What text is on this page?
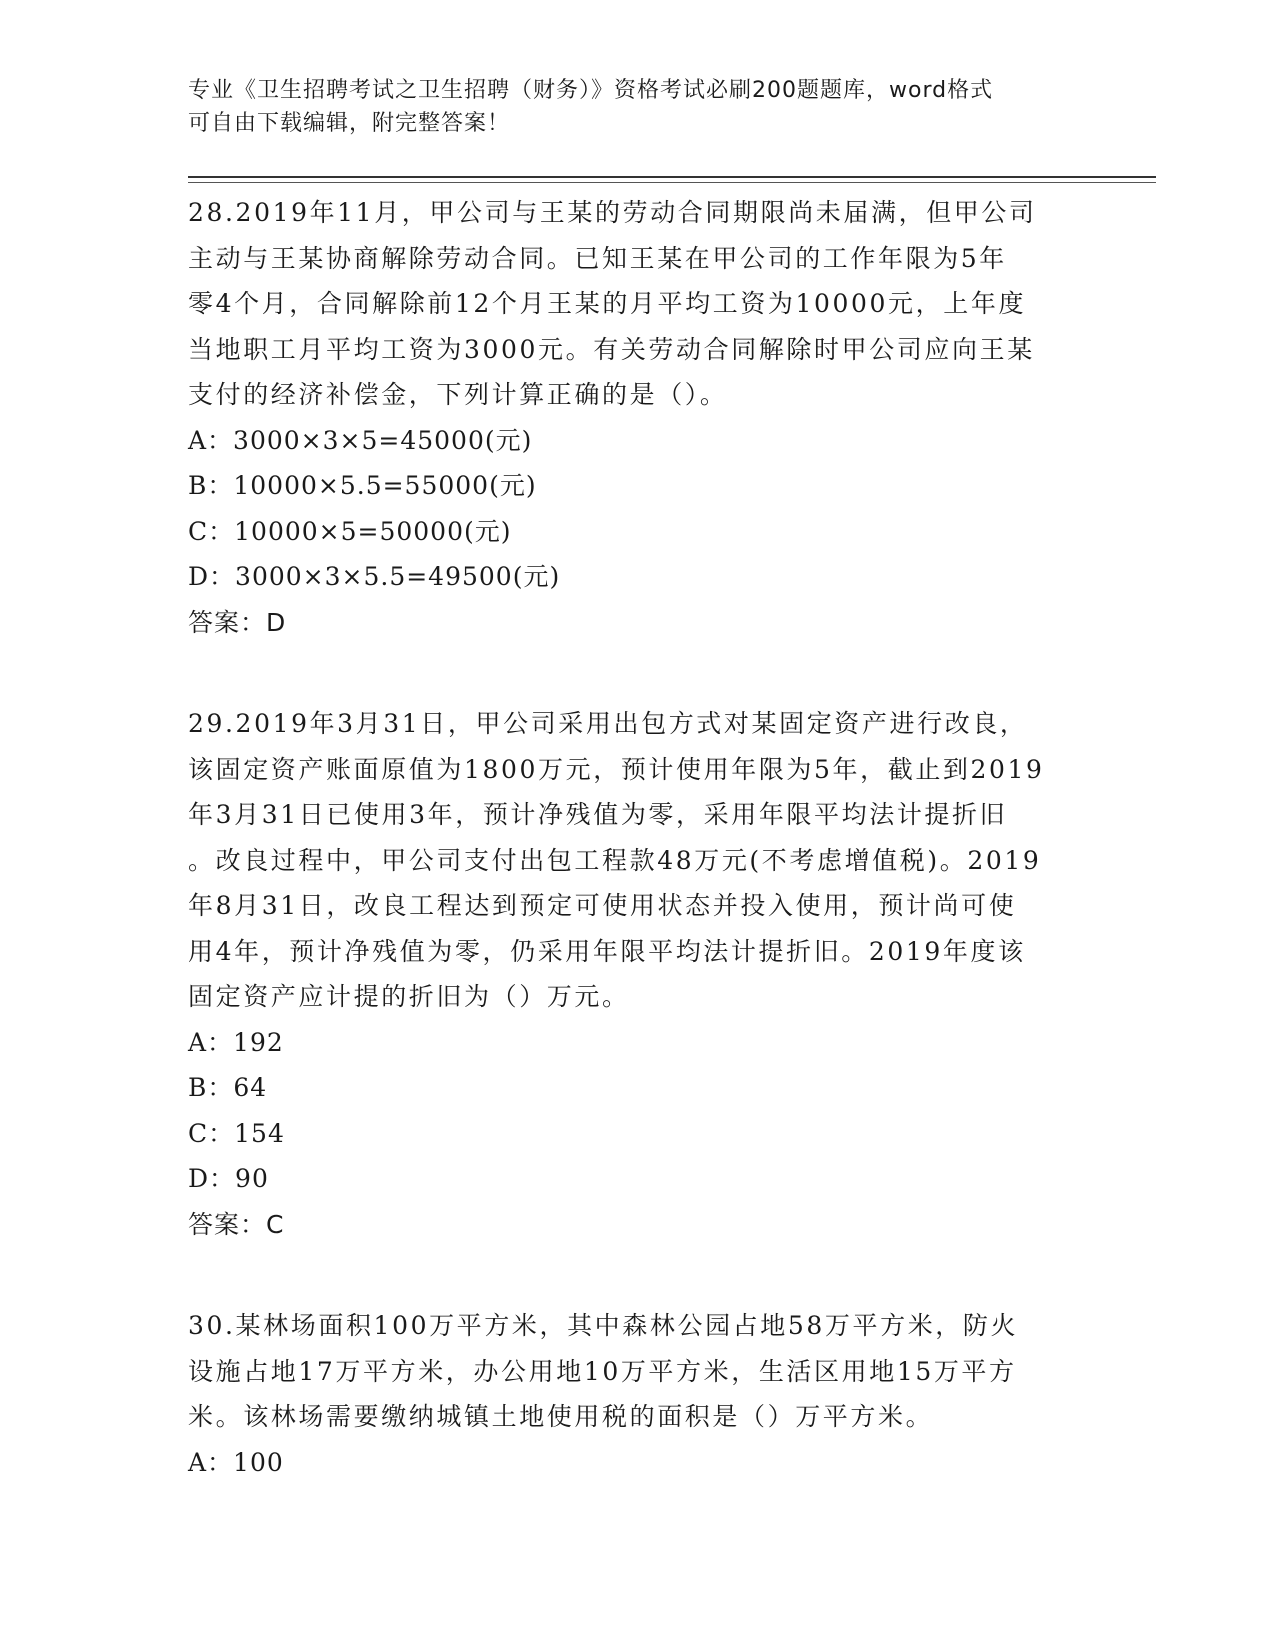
专业《卫生招聘考试之卫生招聘（财务）》资格考试必刷200题题库，word格式
可自由下载编辑，附完整答案！

28.2019年11月，甲公司与王某的劳动合同期限尚未届满，但甲公司

主动与王某协商解除劳动合同。已知王某在甲公司的工作年限为5年

零4个月，合同解除前12个月王某的月平均工资为10000元，上年度

当地职工月平均工资为3000元。有关劳动合同解除时甲公司应向王某

支付的经济补偿金，下列计算正确的是（）。

A：3000×3×5=45000(元)

B：10000×5.5=55000(元)

C：10000×5=50000(元)

D：3000×3×5.5=49500(元)

答案：D

29.2019年3月31日，甲公司采用出包方式对某固定资产进行改良，

该固定资产账面原值为1800万元，预计使用年限为5年，截止到2019

年3月31日已使用3年，预计净残值为零，采用年限平均法计提折旧

。改良过程中，甲公司支付出包工程款48万元(不考虑增值税)。2019

年8月31日，改良工程达到预定可使用状态并投入使用，预计尚可使

用4年，预计净残值为零，仍采用年限平均法计提折旧。2019年度该

固定资产应计提的折旧为（）万元。

A：192

B：64

C：154

D：90

答案：C

30.某林场面积100万平方米，其中森林公园占地58万平方米，防火

设施占地17万平方米，办公用地10万平方米，生活区用地15万平方

米。该林场需要缴纳城镇土地使用税的面积是（）万平方米。

A：100
